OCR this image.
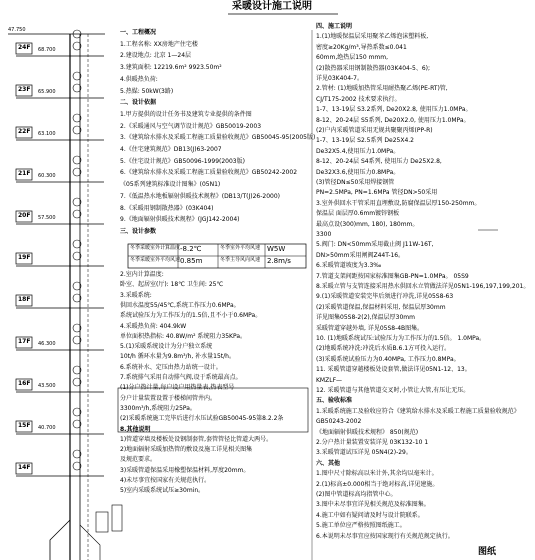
24F 68.700
23F 65.900
22F 63.100
21F 60.300
20F 57.500
19F
18F
17F 46.300
16F 43.500
15F 40.700
14F
采暖设计施工说明
47.750	一、工程概况
1.工程名称: XX房地产住宅楼
2.建设地点: 北京 1—24层
3.建筑面积: 12219.6m² 9923.50m²
4.供暖热负荷:
5.热媒: 50kW(3路)
二、设计依据
1.甲方提供的设计任务书及建筑专业提供的条件图
2.《采暖通风与空气调节设计规范》GB50019-2003
3.《建筑给水排水及采暖工程施工质量验收规范》GB50045-95(2005版)
4.《住宅建筑规范》DB13(J)63-2007
5.《住宅设计规范》GB50096-1999(2003版)
6.《建筑给水排水及采暖工程施工质量验收规范》GB50242-2002
《05系列建筑标准设计图集》(05N1)
7.《低温热水地板辐射供暖技术规程》(DB13/T(J)26-2000)
8.《采暖用钢制散热器》(03K404)
9.《地面辐射供暖技术规程》(JGJ142-2004)
三、设计参数
冬季采暖室外计算温度 -8.2℃	冬季室外平均风速 W5W
冬季采暖室外平均风速 0.85m	冬季主导风向风速 2.8m/s
2.室内计算温度:
卧室、起居室(厅): 18℃ 卫生间: 25℃
3.采暖系统:
供回水温度55/45℃,系统工作压力0.6MPa。
系统试验压力为工作压力的1.5倍,且不小于0.6MPa。
4.采暖热负荷: 404.9kW
单位面积热指标: 40.8W/m² 系统阻力35KPa。
5.(1)采暖系统设计为分户独立系统
10t/h 循环水量为9.8m³/h, 补水量15t/h。
6.系统补水、定压由热力站统一设计。
7.系统排气采用自动排气阀,设于系统最高点。
(1)分户热计量,每户设户用热量表,热表型号
分户计量装置设置于楼梯间管井内。
3300m³/h,系统阻力25Pa。
(2)采暖系统施工完毕后进行水压试验GB50045-95第8.2.2条
8.其他说明
1)管道穿墙及楼板处设钢制套管,套管管径比管道大两号。
2)地面辐射采暖加热管的敷设及施工详见相关图集
及规范要求。
3)采暖管道保温采用橡塑保温材料,厚度20mm。
4)未尽事宜按国家有关规范执行。
5)室内采暖系统试压≥30min。
四、施工说明
1.(1)地暖保温层采用聚苯乙烯泡沫塑料板,
密度≥20Kg/m³,导热系数≤0.041
60mm,绝热层150 mmm,
(2)散热器采用钢制散热器(03K404-5、6);
详见03K404-7。
2.管材: (1)地暖加热管采用耐热聚乙烯(PE-RT)管,
CJ/T175-2002 技术要求执行。
1-7、13-19层 S3.2系列, De20X2.8, 使用压力1.0MPa。
8-12、20-24层 S5系列, De20X2.0, 使用压力1.0MPa。
(2)户内采暖管道采用无规共聚聚丙烯(PP-R)
1-7、13-19层 S2.5系列 De25X4.2
De32X5.4,使用压力1.0MPa。
8-12、20-24层 S4系列, 使用压力 De25X2.8,
De32X3.6,使用压力0.8MPa。
(3)管径DN≤50采用焊接钢管
PN=2.5MPa, PN=1.6MPa 管径DN>50采用
3.室外供回水干管采用直埋敷设,防腐保温层厚150-250mm。
保温层 面层厚0.6mm镀锌钢板
最高点设(300)mm, 180), 180mm。
3300
5.阀门: DN<50mm采用截止阀 J11W-16T,
DN>50mm采用闸阀Z44T-16。
6.采暖管道坡度为3.3‰
7.管道支架间距按国家标准图集GB-PN=1.0MPa。 05S9
8.采暖立管与支管连接采用热水供回水立管做法详见05N1-196,197,199,201。
9.(1)采暖管道安装完毕后须进行冲洗,详见05S8-63
(2)采暖管道保温,保温材料采用, 保温层厚30mm
详见图集05S8-2(2),保温层厚30mm
采暖管道穿越外墙, 详见05S8-4B图集。
10. (1)地暖系统试压:试验压力为工作压力的1.5倍。 1.0MPa。
(2)地暖系统冲洗:冲洗后水质B.6.1方可投入运行。
(3)采暖系统试验压力为0.40MPa, 工作压力0.8MPa。
11. 采暖管道穿越楼板处设套管,做法详见05N1-12、13。
KMZLF—
12. 采暖管道与其他管道交叉时,小管让大管,有压让无压。
五、验收标准
1.采暖系统施工及验收应符合《建筑给水排水及采暖工程施工质量验收规范》
GB50243-2002
《地面辐射供暖技术规程》 850(规范)
2.分户热计量装置安装详见 03K132-10 1
3.采暖管道试压详见 05N4(2)-29。
六、其他
1.图中尺寸除标高以米计外,其余均以毫米计。
2.(1)标高±0.000相当于绝对标高,详见建施。
(2)图中管道标高均指管中心。
3.图中未尽事宜详见相关规范及标准图集。
4.施工中如有疑问请及时与设计院联系。
5.施工单位应严格按照图纸施工。
6.本说明未尽事宜应按国家现行有关规范规定执行。
图纸
